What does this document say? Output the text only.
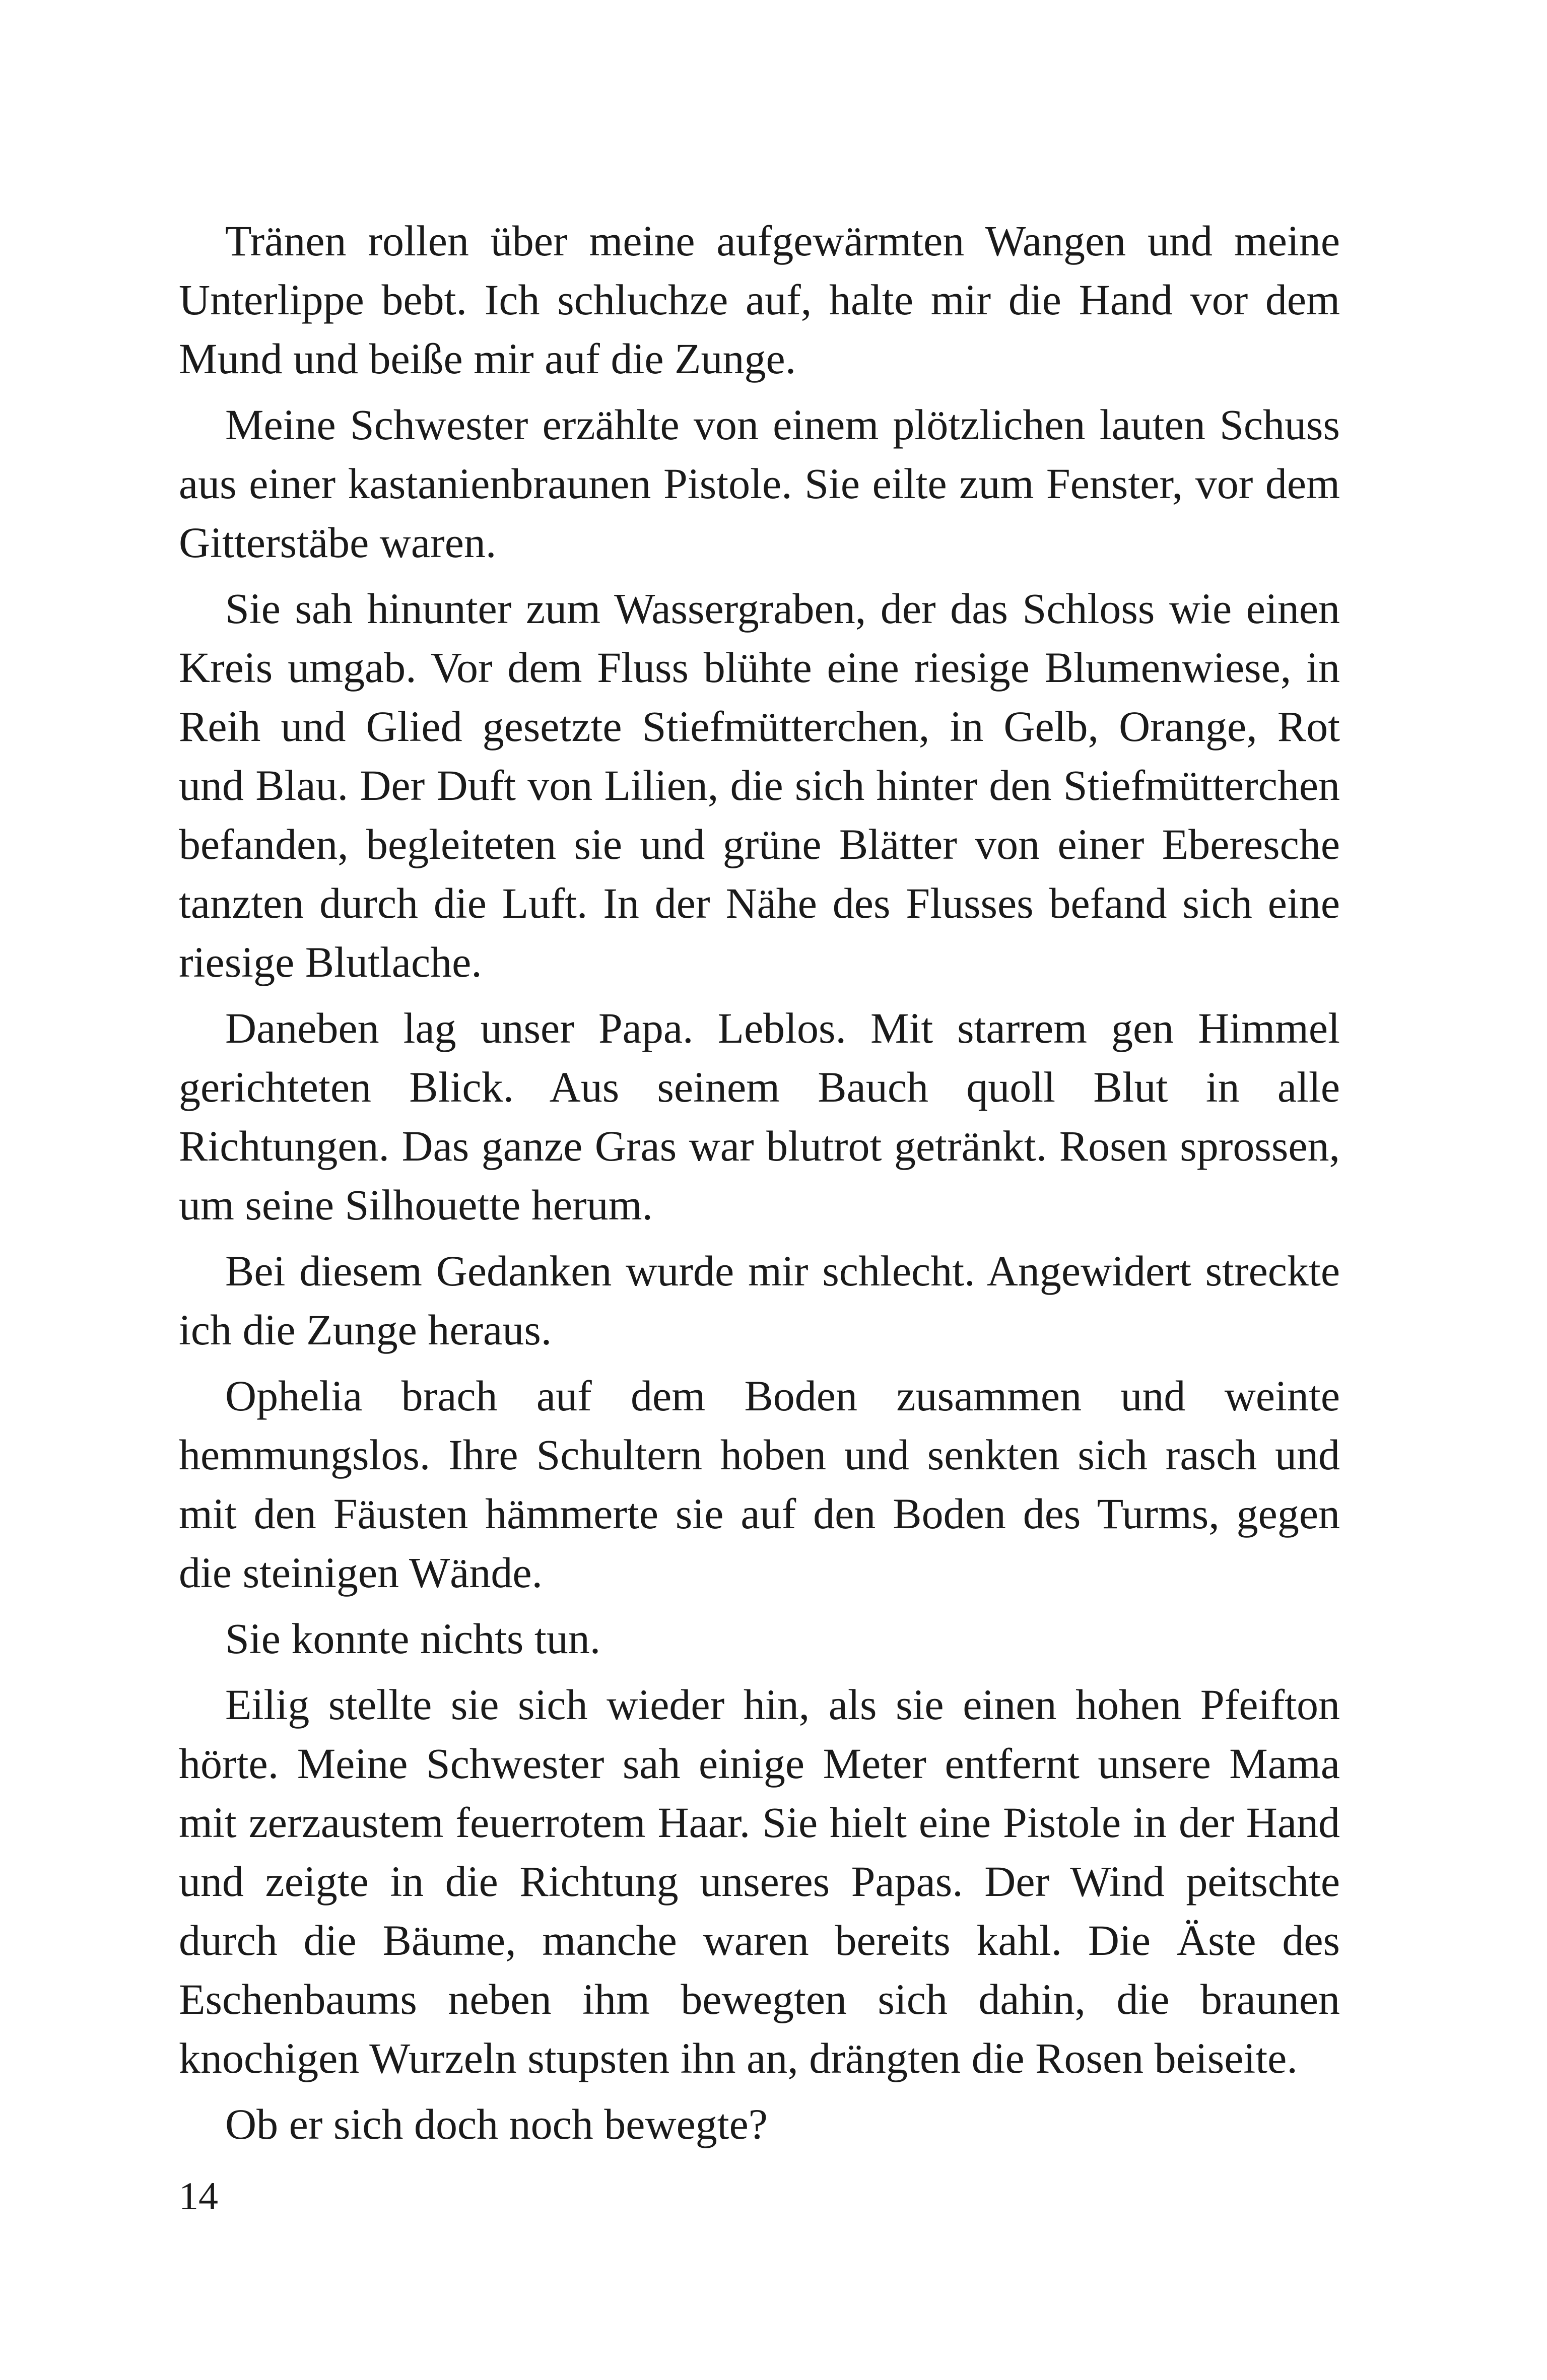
Tränen rollen über meine aufgewärmten Wangen und meine Unterlippe bebt. Ich schluchze auf, halte mir die Hand vor dem Mund und beiße mir auf die Zunge.

Meine Schwester erzählte von einem plötzlichen lauten Schuss aus einer kastanienbraunen Pistole. Sie eilte zum Fenster, vor dem Gitterstäbe waren.

Sie sah hinunter zum Wassergraben, der das Schloss wie einen Kreis umgab. Vor dem Fluss blühte eine riesige Blumenwiese, in Reih und Glied gesetzte Stiefmütterchen, in Gelb, Orange, Rot und Blau. Der Duft von Lilien, die sich hinter den Stiefmütterchen befanden, begleiteten sie und grüne Blätter von einer Eberesche tanzten durch die Luft. In der Nähe des Flusses befand sich eine riesige Blutlache.

Daneben lag unser Papa. Leblos. Mit starrem gen Himmel gerichteten Blick. Aus seinem Bauch quoll Blut in alle Richtungen. Das ganze Gras war blutrot getränkt. Rosen sprossen, um seine Silhouette herum.

Bei diesem Gedanken wurde mir schlecht. Angewidert streckte ich die Zunge heraus.

Ophelia brach auf dem Boden zusammen und weinte hemmungslos. Ihre Schultern hoben und senkten sich rasch und mit den Fäusten hämmerte sie auf den Boden des Turms, gegen die steinigen Wände.

Sie konnte nichts tun.

Eilig stellte sie sich wieder hin, als sie einen hohen Pfeifton hörte. Meine Schwester sah einige Meter entfernt unsere Mama mit zerzaustem feuerrotem Haar. Sie hielt eine Pistole in der Hand und zeigte in die Richtung unseres Papas. Der Wind peitschte durch die Bäume, manche waren bereits kahl. Die Äste des Eschenbaums neben ihm bewegten sich dahin, die braunen knochigen Wurzeln stupsten ihn an, drängten die Rosen beiseite.

Ob er sich doch noch bewegte?

14
